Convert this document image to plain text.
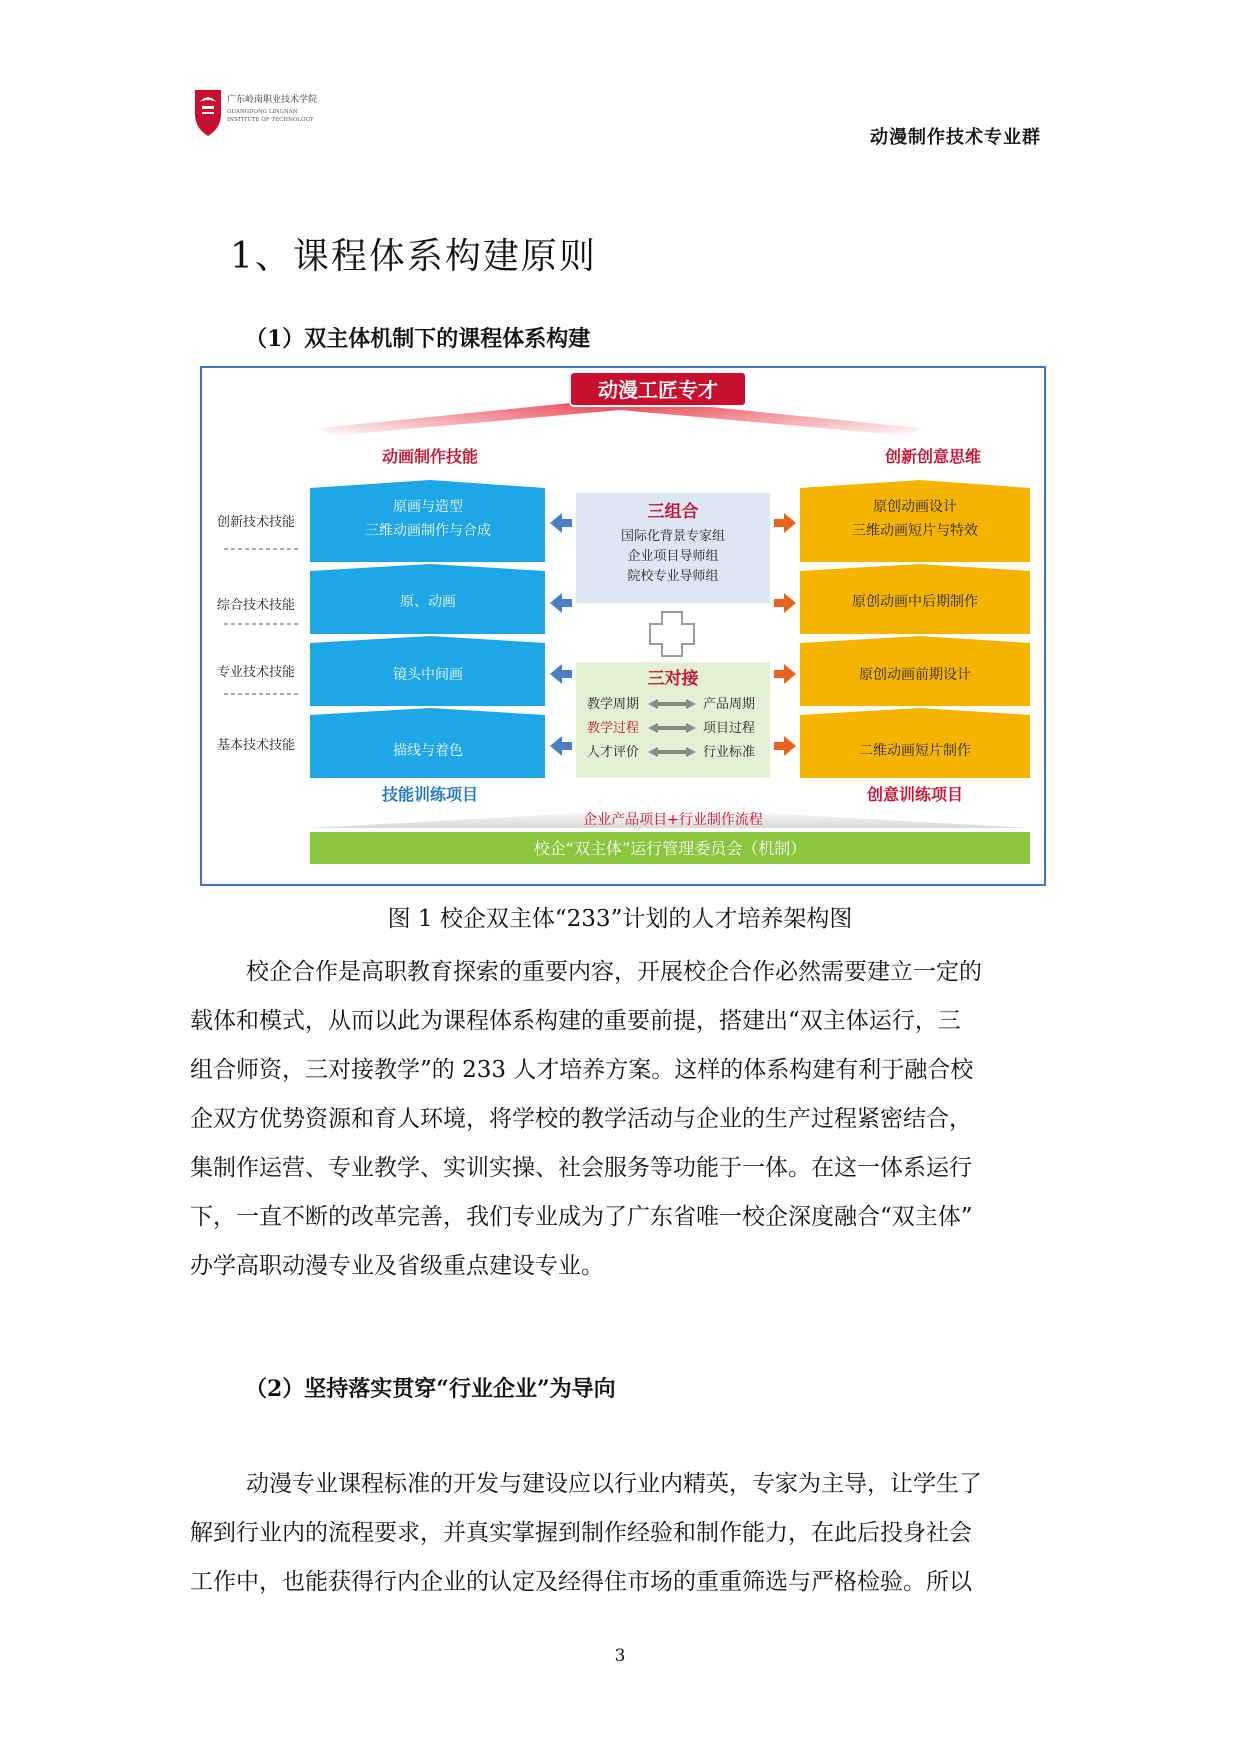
广东岭南职业技术学院
GUANGDONG LINGNAN
INSTITUTE OF TECHNOLOGY
动漫制作技术专业群
1、课程体系构建原则
（1）双主体机制下的课程体系构建
动漫工匠专才
动画制作技能	创新创意思维
创新技术技能
综合技术技能
专业技术技能
基本技术技能
原画与造型
三维动画制作与合成
原、动画
镜头中间画
描线与着色
原创动画设计
三维动画短片与特效
原创动画中后期制作
原创动画前期设计
二维动画短片制作
三组合
国际化背景专家组
企业项目导师组
院校专业导师组
三对接
教学周期
教学过程
人才评价
产品周期
项目过程
行业标准
技能训练项目	创意训练项目
企业产品项目+行业制作流程
校企“双主体”运行管理委员会（机制）
图 1 校企双主体“233”计划的人才培养架构图

校企合作是高职教育探索的重要内容，开展校企合作必然需要建立一定的

载体和模式，从而以此为课程体系构建的重要前提，搭建出“双主体运行，三

组合师资，三对接教学”的 233 人才培养方案。这样的体系构建有利于融合校

企双方优势资源和育人环境，将学校的教学活动与企业的生产过程紧密结合，

集制作运营、专业教学、实训实操、社会服务等功能于一体。在这一体系运行

下，一直不断的改革完善，我们专业成为了广东省唯一校企深度融合“双主体”

办学高职动漫专业及省级重点建设专业。

（2）坚持落实贯穿“行业企业”为导向

动漫专业课程标准的开发与建设应以行业内精英，专家为主导，让学生了

解到行业内的流程要求，并真实掌握到制作经验和制作能力，在此后投身社会

工作中，也能获得行内企业的认定及经得住市场的重重筛选与严格检验。所以

3
